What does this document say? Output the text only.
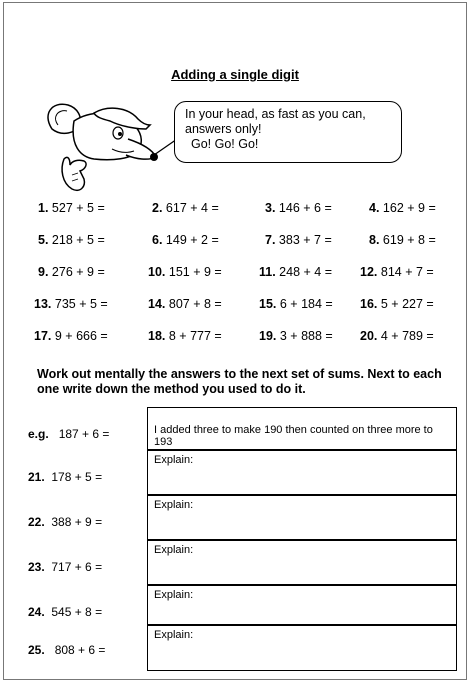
Adding a single digit
In your head, as fast as you can,
answers only!
Go! Go! Go!
1. 527 + 5 =	2. 617 + 4 =	3. 146 + 6 =	4. 162 + 9 =
5. 218 + 5 =	6. 149 + 2 =	7. 383 + 7 =	8. 619 + 8 =
9. 276 + 9 =	10. 151 + 9 =	11. 248 + 4 = 12. 814 + 7 =
13. 735 + 5 =	14. 807 + 8 =	15. 6 + 184 = 16. 5 + 227 =
17. 9 + 666 =	18. 8 + 777 =	19. 3 + 888 = 20. 4 + 789 =
Work out mentally the answers to the next set of sums. Next to each one write down the method you used to do it.
e.g. 187 + 6 =	I added three to make 190 then counted on three more to 193
21. 178 + 5 =
Explain:
22. 388 + 9 =
Explain:
23. 717 + 6 =
Explain:
24. 545 + 8 =
Explain:
25. 808 + 6 =
Explain:
